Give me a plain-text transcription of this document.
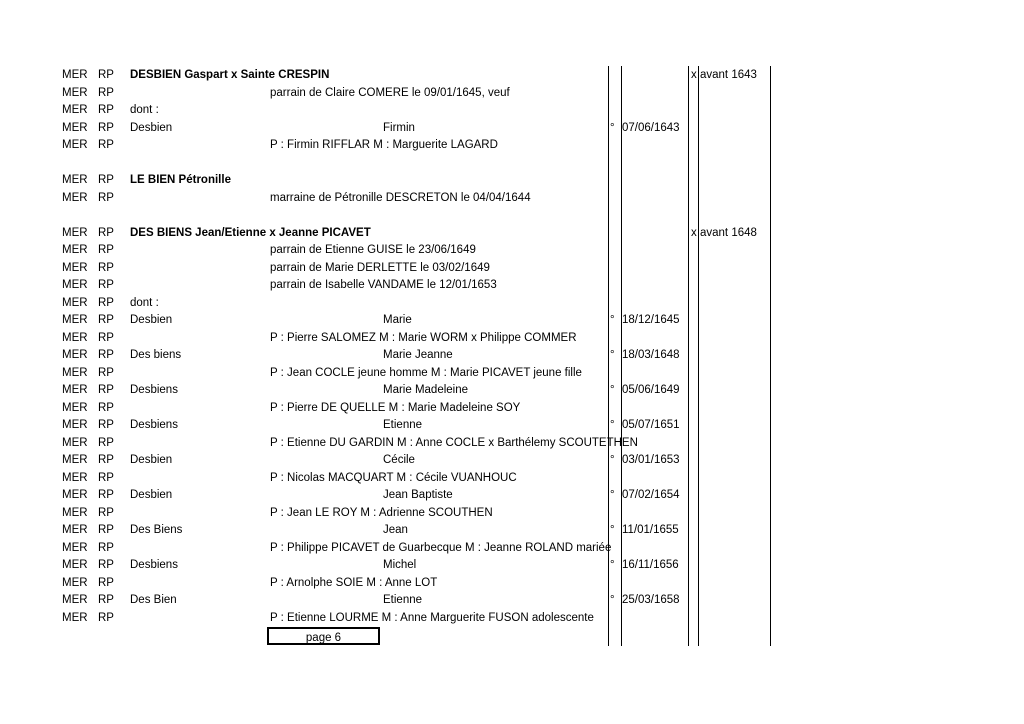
MER RP DESBIEN Gaspart x Sainte CRESPIN	x avant 1643
MER RP	parrain de Claire COMERE le 09/01/1645, veuf
MER RP dont :
MER RP Desbien	Firmin	° 07/06/1643
MER RP	P : Firmin RIFFLAR M : Marguerite LAGARD
MER RP LE BIEN Pétronille
MER RP	marraine de Pétronille DESCRETON le 04/04/1644
MER RP DES BIENS Jean/Etienne x Jeanne PICAVET	x avant 1648
MER RP	parrain de Etienne GUISE le 23/06/1649
MER RP	parrain de Marie DERLETTE le 03/02/1649
MER RP	parrain de Isabelle VANDAME le 12/01/1653
MER RP dont :
MER RP Desbien	Marie	° 18/12/1645
MER RP	P : Pierre SALOMEZ M : Marie WORM x Philippe COMMER
MER RP Des biens	Marie Jeanne	° 18/03/1648
MER RP	P : Jean COCLE jeune homme M : Marie PICAVET jeune fille
MER RP Desbiens	Marie Madeleine	° 05/06/1649
MER RP	P : Pierre DE QUELLE M : Marie Madeleine SOY
MER RP Desbiens	Etienne	° 05/07/1651
MER RP	P : Etienne DU GARDIN M : Anne COCLE x Barthélemy SCOUTETHEN
MER RP Desbien	Cécile	° 03/01/1653
MER RP	P : Nicolas MACQUART M : Cécile VUANHOUC
MER RP Desbien	Jean Baptiste	° 07/02/1654
MER RP	P : Jean LE ROY M : Adrienne SCOUTHEN
MER RP Des Biens	Jean	° 11/01/1655
MER RP	P : Philippe PICAVET de Guarbecque M : Jeanne ROLAND mariée
MER RP Desbiens	Michel	° 16/11/1656
MER RP	P : Arnolphe SOIE M : Anne LOT
MER RP Des Bien	Etienne	° 25/03/1658
MER RP	P : Etienne LOURME M : Anne Marguerite FUSON adolescente
page 6
